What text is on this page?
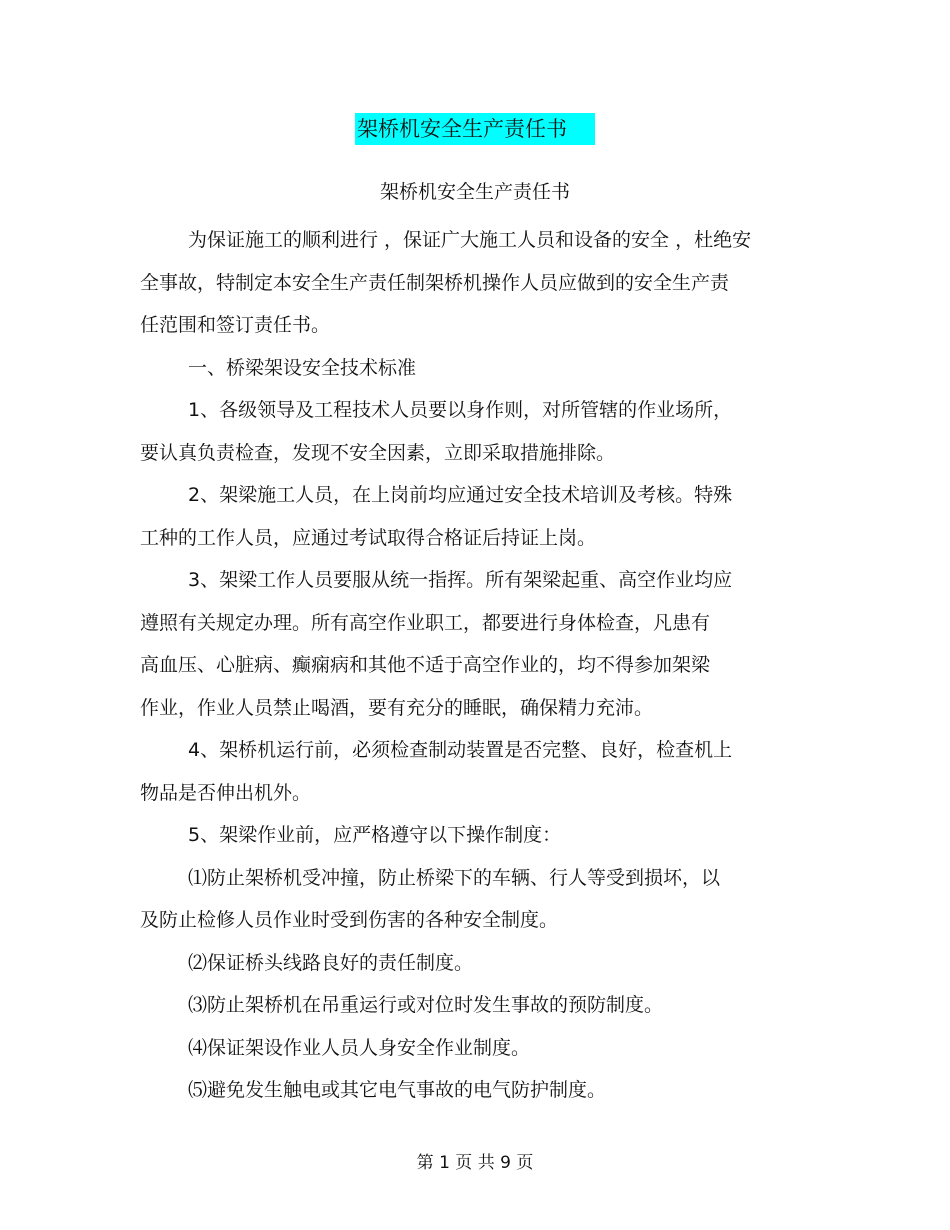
架桥机安全生产责任书
架桥机安全生产责任书
为保证施工的顺利进行 ，保证广大施工人员和设备的安全 ，杜绝安
全事故，特制定本安全生产责任制架桥机操作人员应做到的安全生产责
任范围和签订责任书。
一、桥梁架设安全技术标准
1、各级领导及工程技术人员要以身作则，对所管辖的作业场所，
要认真负责检查，发现不安全因素，立即采取措施排除。
2、架梁施工人员，在上岗前均应通过安全技术培训及考核。特殊
工种的工作人员，应通过考试取得合格证后持证上岗。
3、架梁工作人员要服从统一指挥。所有架梁起重、高空作业均应
遵照有关规定办理。所有高空作业职工，都要进行身体检查，凡患有
高血压、心脏病、癫痫病和其他不适于高空作业的，均不得参加架梁
作业，作业人员禁止喝酒，要有充分的睡眠，确保精力充沛。
4、架桥机运行前，必须检查制动装置是否完整、良好，检查机上
物品是否伸出机外。
5、架梁作业前，应严格遵守以下操作制度：
⑴防止架桥机受冲撞，防止桥梁下的车辆、行人等受到损坏，以
及防止检修人员作业时受到伤害的各种安全制度。
⑵保证桥头线路良好的责任制度。
⑶防止架桥机在吊重运行或对位时发生事故的预防制度。
⑷保证架设作业人员人身安全作业制度。
⑸避免发生触电或其它电气事故的电气防护制度。
第 1 页 共 9 页
